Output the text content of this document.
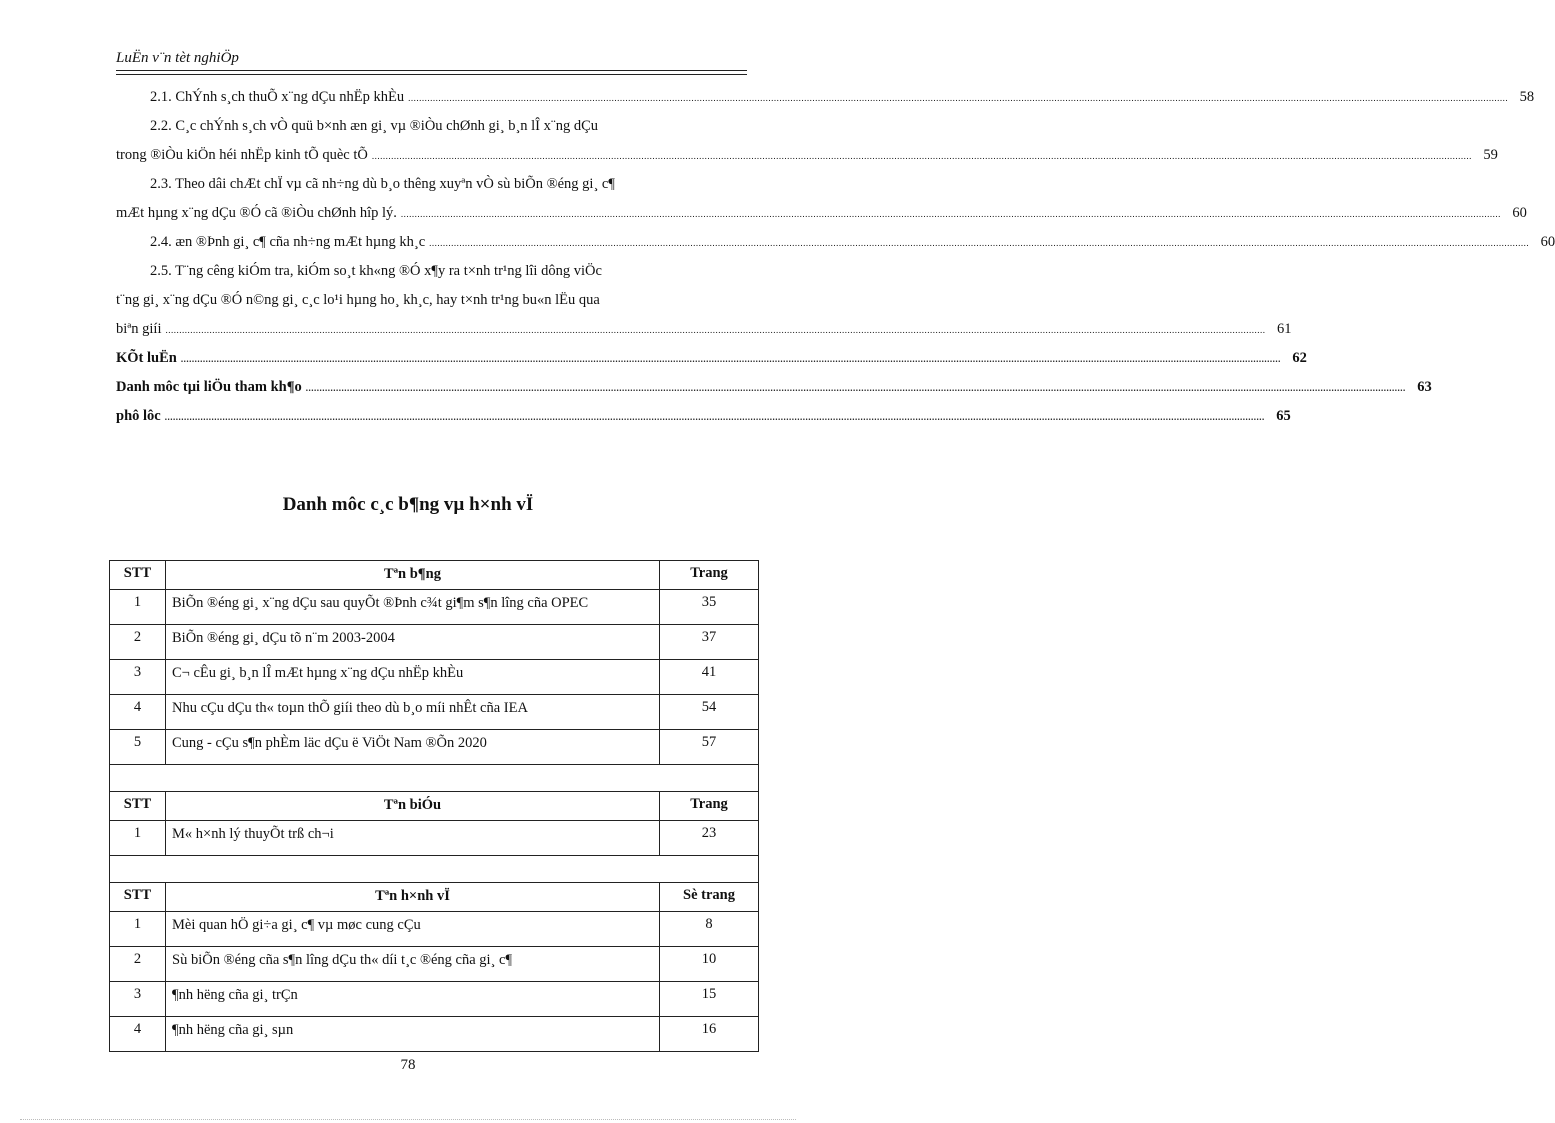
LuËn v¨n tèt nghiÖp
2.1. ChÝnh s¸ch thuÕ x¨ng dÇu nhËp khÈu ................................................................................................................................................................................................................................................................................................................................................................................................................ 58
2.2. C¸c chÝnh s¸ch vÒ quü b×nh æn gi¸ vµ ®iÒu chØnh gi¸ b¸n lÎ x¨ng dÇu
trong ®iÒu kiÖn héi nhËp kinh tÕ quèc tÕ ................................................................................................................................................................................................................................................................................................................................................................................................................ 59
2.3. Theo dâi chÆt chÏ vµ cã nh÷ng dù b¸o thêng xuyªn vÒ sù biÕn ®éng gi¸ c¶
mÆt hµng x¨ng dÇu ®Ó cã ®iÒu chØnh hîp lý. ................................................................................................................................................................................................................................................................................................................................................................................................................ 60
2.4. æn ®Þnh gi¸ c¶ cña nh÷ng mÆt hµng kh¸c ................................................................................................................................................................................................................................................................................................................................................................................................................ 60
2.5. T¨ng cêng kiÓm tra, kiÓm so¸t kh«ng ®Ó x¶y ra t×nh tr¹ng lîi dông viÖc
t¨ng gi¸ x¨ng dÇu ®Ó n©ng gi¸ c¸c lo¹i hµng ho¸ kh¸c, hay t×nh tr¹ng bu«n lËu qua
biªn giíi ................................................................................................................................................................................................................................................................................................................................................................................................................ 61
KÕt luËn ................................................................................................................................................................................................................................................................................................................................................................................................................ 62
Danh môc tµi liÖu tham kh¶o ................................................................................................................................................................................................................................................................................................................................................................................................................ 63
phô lôc ................................................................................................................................................................................................................................................................................................................................................................................................................ 65
Danh môc c¸c b¶ng vµ h×nh vÏ
STT	Tªn b¶ng	Trang
1	BiÕn ®éng gi¸ x¨ng dÇu sau quyÕt ®Þnh c¾t gi¶m s¶n lîng cña OPEC	35
2	BiÕn ®éng gi¸ dÇu tõ n¨m 2003-2004	37
3	C¬ cÊu gi¸ b¸n lÎ mÆt hµng x¨ng dÇu nhËp khÈu	41
4	Nhu cÇu dÇu th« toµn thÕ giíi theo dù b¸o míi nhÊt cña IEA	54
5	Cung - cÇu s¶n phÈm läc dÇu ë ViÖt Nam ®Õn 2020	57

STT	Tªn biÓu	Trang
1	M« h×nh lý thuyÕt trß ch¬i	23

STT	Tªn h×nh vÏ	Sè trang
1	Mèi quan hÖ gi÷a gi¸ c¶ vµ møc cung cÇu	8
2	Sù biÕn ®éng cña s¶n lîng dÇu th« díi t¸c ®éng cña gi¸ c¶	10
3	¶nh hëng cña gi¸ trÇn	15
4	¶nh hëng cña gi¸ sµn	16
78
